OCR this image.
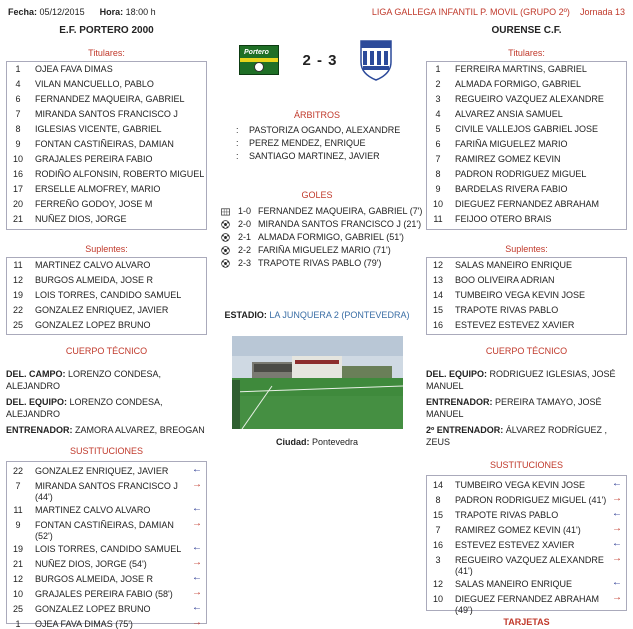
Fecha: 05/12/2015 Hora: 18:00 h	LIGA GALLEGA INFANTIL P. MOVIL (GRUPO 2º) Jornada 13
E.F. PORTERO 2000	OURENSE C.F.
Portero	2 - 3
Titulares:
1	OJEA FAVA DIMAS
4	VILAN MANCUELLO, PABLO
6	FERNANDEZ MAQUEIRA, GABRIEL
7	MIRANDA SANTOS FRANCISCO J
8	IGLESIAS VICENTE, GABRIEL
9	FONTAN CASTIÑEIRAS, DAMIAN
10	GRAJALES PEREIRA FABIO
16	RODIÑO ALFONSIN, ROBERTO MIGUEL
17	ERSELLE ALMOFREY, MARIO
20	FERREÑO GODOY, JOSE M
21	NUÑEZ DIOS, JORGE
Suplentes:
11	MARTINEZ CALVO ALVARO
12	BURGOS ALMEIDA, JOSE R
19	LOIS TORRES, CANDIDO SAMUEL
22	GONZALEZ ENRIQUEZ, JAVIER
25	GONZALEZ LOPEZ BRUNO
CUERPO TÉCNICO
DEL. CAMPO: LORENZO CONDESA, ALEJANDRO
DEL. EQUIPO: LORENZO CONDESA, ALEJANDRO
ENTRENADOR: ZAMORA ALVAREZ, BREOGAN
SUSTITUCIONES
22	GONZALEZ ENRIQUEZ, JAVIER	←
7	MIRANDA SANTOS FRANCISCO J (44')
→
11	MARTINEZ CALVO ALVARO	←
9	FONTAN CASTIÑEIRAS, DAMIAN (52')
→
19	LOIS TORRES, CANDIDO SAMUEL	←
21	NUÑEZ DIOS, JORGE (54')	→
12	BURGOS ALMEIDA, JOSE R	←
10	GRAJALES PEREIRA FABIO (58')	→
25	GONZALEZ LOPEZ BRUNO	←
1	OJEA FAVA DIMAS (75')	→
Titulares:
1	FERREIRA MARTINS, GABRIEL
2	ALMADA FORMIGO, GABRIEL
3	REGUEIRO VAZQUEZ ALEXANDRE
4	ALVAREZ ANSIA SAMUEL
5	CIVILE VALLEJOS GABRIEL JOSE
6	FARIÑA MIGUELEZ MARIO
7	RAMIREZ GOMEZ KEVIN
8	PADRON RODRIGUEZ MIGUEL
9	BARDELAS RIVERA FABIO
10	DIEGUEZ FERNANDEZ ABRAHAM
11	FEIJOO OTERO BRAIS
Suplentes:
12	SALAS MANEIRO ENRIQUE
13	BOO OLIVEIRA ADRIAN
14	TUMBEIRO VEGA KEVIN JOSE
15	TRAPOTE RIVAS PABLO
16	ESTEVEZ ESTEVEZ XAVIER
CUERPO TÉCNICO
DEL. EQUIPO: RODRIGUEZ IGLESIAS, JOSÉ MANUEL
ENTRENADOR: PEREIRA TAMAYO, JOSÉ MANUEL
2º ENTRENADOR: ÁLVAREZ RODRÍGUEZ , ZEUS
SUSTITUCIONES
14	TUMBEIRO VEGA KEVIN JOSE	←
8	PADRON RODRIGUEZ MIGUEL (41') →
15	TRAPOTE RIVAS PABLO	←
7	RAMIREZ GOMEZ KEVIN (41')	→
16	ESTEVEZ ESTEVEZ XAVIER	←
3	REGUEIRO VAZQUEZ ALEXANDRE (41')
→
12	SALAS MANEIRO ENRIQUE	←
10	DIEGUEZ FERNANDEZ ABRAHAM (49')
→
TARJETAS
ÁRBITROS
: PASTORIZA OGANDO, ALEXANDRE
: PEREZ MENDEZ, ENRIQUE
: SANTIAGO MARTINEZ, JAVIER
GOLES
1-0 FERNANDEZ MAQUEIRA, GABRIEL (7')
2-0 MIRANDA SANTOS FRANCISCO J (21')
2-1 ALMADA FORMIGO, GABRIEL (51')
2-2 FARIÑA MIGUELEZ MARIO (71')
2-3 TRAPOTE RIVAS PABLO (79')
ESTADIO: LA JUNQUERA 2 (PONTEVEDRA)
Ciudad: Pontevedra
